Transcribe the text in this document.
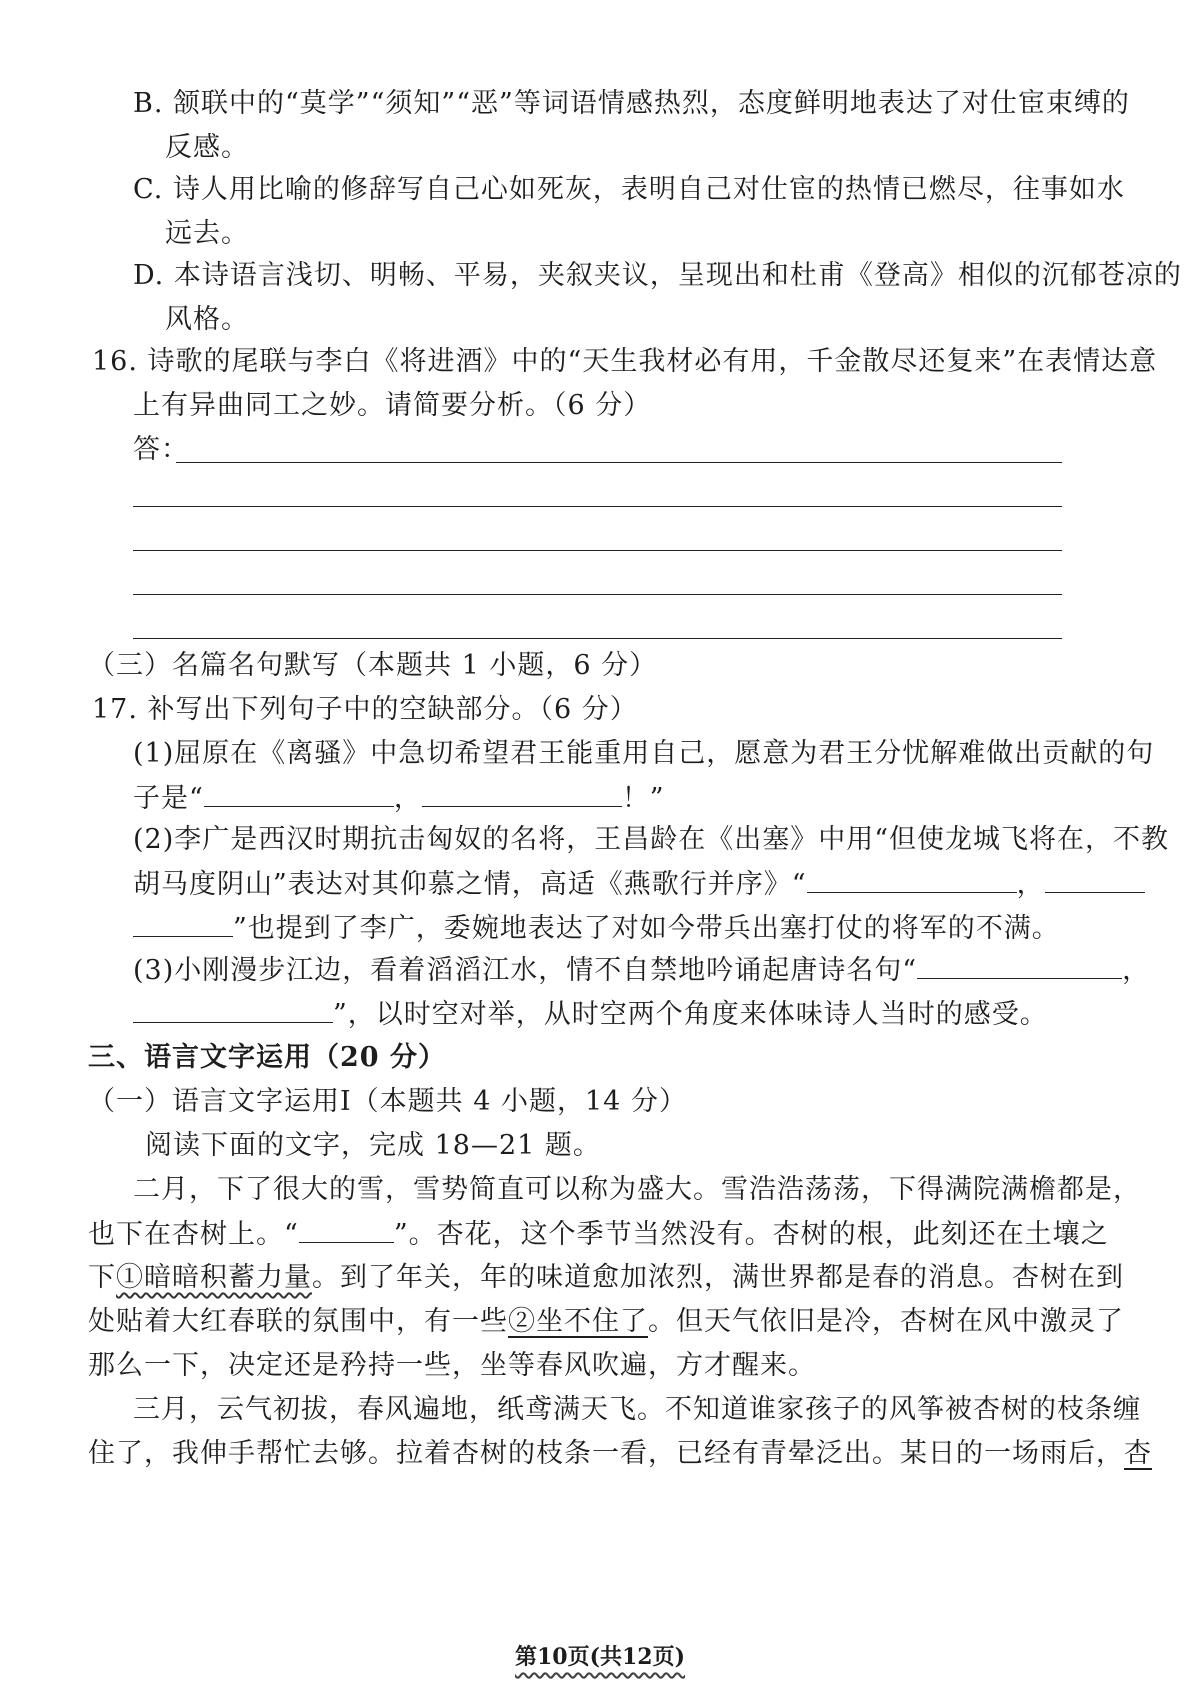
B. 颔联中的“莫学”“须知”“恶”等词语情感热烈，态度鲜明地表达了对仕宦束缚的
反感。
C. 诗人用比喻的修辞写自己心如死灰，表明自己对仕宦的热情已燃尽，往事如水
远去。
D. 本诗语言浅切、明畅、平易，夹叙夹议，呈现出和杜甫《登高》相似的沉郁苍凉的
风格。
16. 诗歌的尾联与李白《将进酒》中的“天生我材必有用，千金散尽还复来”在表情达意
上有异曲同工之妙。请简要分析。（6 分）
答：
（三）名篇名句默写（本题共 1 小题，6 分）
17. 补写出下列句子中的空缺部分。（6 分）
(1)屈原在《离骚》中急切希望君王能重用自己，愿意为君王分忧解难做出贡献的句
子是“	，	！”
(2)李广是西汉时期抗击匈奴的名将，王昌龄在《出塞》中用“但使龙城飞将在，不教
胡马度阴山”表达对其仰慕之情，高适《燕歌行并序》“	，
”也提到了李广，委婉地表达了对如今带兵出塞打仗的将军的不满。
(3)小刚漫步江边，看着滔滔江水，情不自禁地吟诵起唐诗名句“	，
”，以时空对举，从时空两个角度来体味诗人当时的感受。
三、语言文字运用（20 分）
（一）语言文字运用Ⅰ（本题共 4 小题，14 分）
阅读下面的文字，完成 18—21 题。
二月，下了很大的雪，雪势简直可以称为盛大。雪浩浩荡荡，下得满院满檐都是，
也下在杏树上。“	”。杏花，这个季节当然没有。杏树的根，此刻还在土壤之
下①暗暗积蓄力量。到了年关，年的味道愈加浓烈，满世界都是春的消息。杏树在到
处贴着大红春联的氛围中，有一些②坐不住了。但天气依旧是冷，杏树在风中激灵了
那么一下，决定还是矜持一些，坐等春风吹遍，方才醒来。
三月，云气初拔，春风遍地，纸鸢满天飞。不知道谁家孩子的风筝被杏树的枝条缠
住了，我伸手帮忙去够。拉着杏树的枝条一看，已经有青晕泛出。某日的一场雨后，杏
第10页(共12页)
